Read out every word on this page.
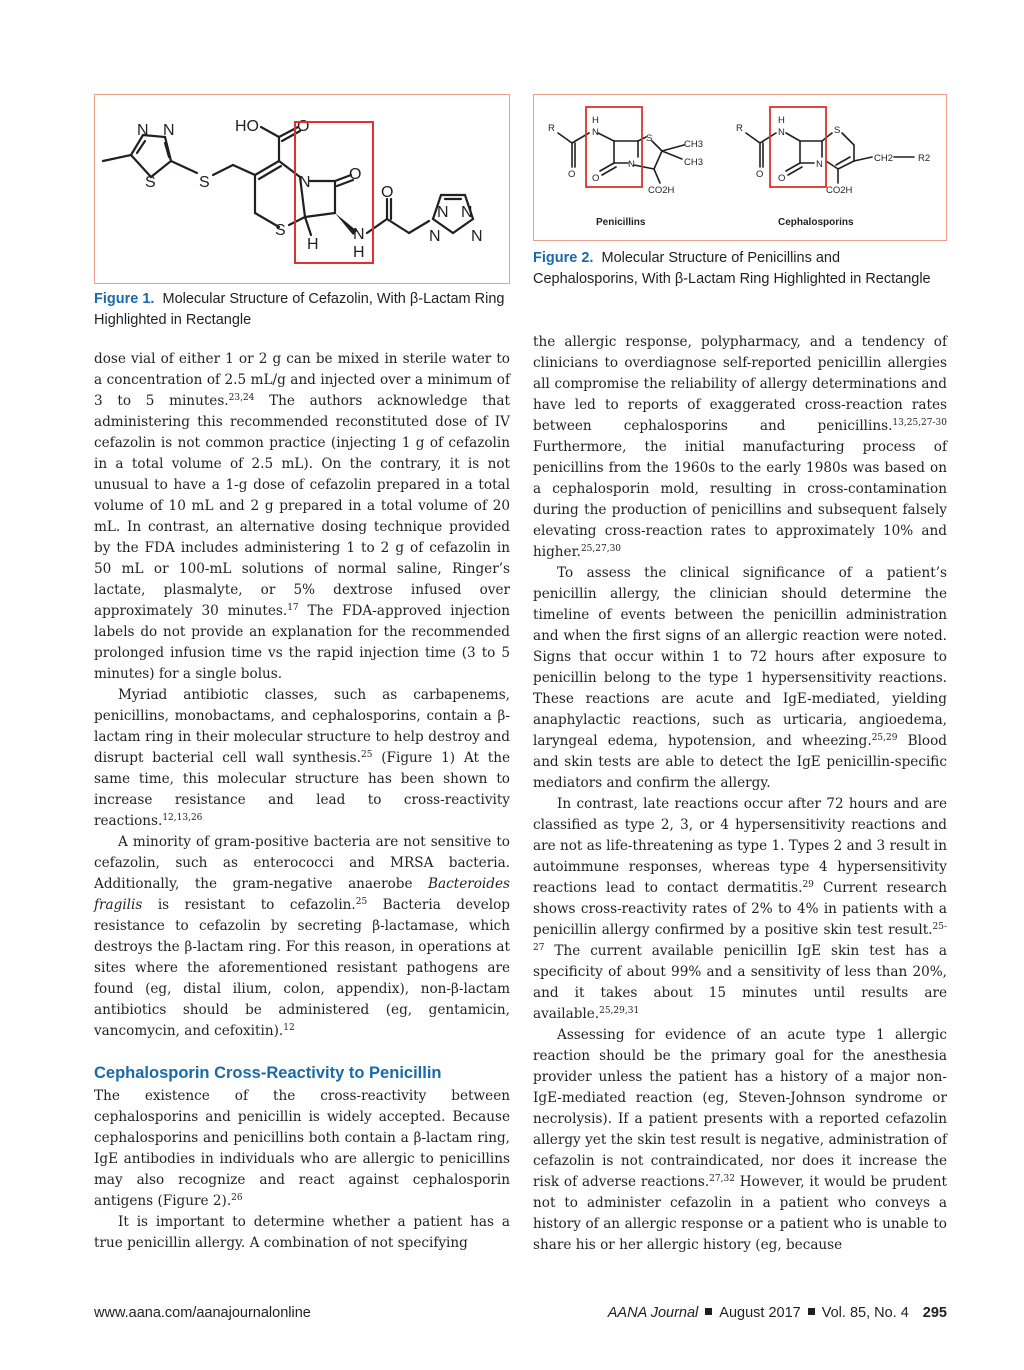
HO O
N N
S	S	N O
S
H
N
H
O
N
N N
N
Figure 1. Molecular Structure of Cefazolin, With β-Lactam Ring Highlighted in Rectangle
R
H
N
O O
N
S
CH3
CH3
CO2H
R
H
N
O O
N
S
CH2	R2
CO2H
Penicillins	Cephalosporins
Figure 2. Molecular Structure of Penicillins and Cephalosporins, With β-Lactam Ring Highlighted in Rectangle

dose vial of either 1 or 2 g can be mixed in sterile water to a concentration of 2.5 mL/g and injected over a minimum of 3 to 5 minutes.$^{23,24}$ The authors acknowledge that administering this recommended reconstituted dose of IV cefazolin is not common practice (injecting 1 g of cefazolin in a total volume of 2.5 mL). On the contrary, it is not unusual to have a 1-g dose of cefazolin prepared in a total volume of 10 mL and 2 g prepared in a total volume of 20 mL. In contrast, an alternative dosing technique provided by the FDA includes administering 1 to 2 g of cefazolin in 50 mL or 100-mL solutions of normal saline, Ringer’s lactate, plasmalyte, or 5% dextrose infused over approximately 30 minutes.$^{17}$ The FDA-approved injection labels do not provide an explanation for the recommended prolonged infusion time vs the rapid injection time (3 to 5 minutes) for a single bolus.

Myriad antibiotic classes, such as carbapenems, penicillins, monobactams, and cephalosporins, contain a β-lactam ring in their molecular structure to help destroy and disrupt bacterial cell wall synthesis.$^{25}$ (Figure 1) At the same time, this molecular structure has been shown to increase resistance and lead to cross-reactivity reactions.$^{12,13,26}$

A minority of gram-positive bacteria are not sensitive to cefazolin, such as enterococci and MRSA bacteria. Additionally, the gram-negative anaerobe Bacteroides fragilis is resistant to cefazolin.$^{25}$ Bacteria develop resistance to cefazolin by secreting β-lactamase, which destroys the β-lactam ring. For this reason, in operations at sites where the aforementioned resistant pathogens are found (eg, distal ilium, colon, appendix), non-β-lactam antibiotics should be administered (eg, gentamicin, vancomycin, and cefoxitin).$^{12}$

Cephalosporin Cross-Reactivity to Penicillin

The existence of the cross-reactivity between cephalosporins and penicillin is widely accepted. Because cephalosporins and penicillins both contain a β-lactam ring, IgE antibodies in individuals who are allergic to penicillins may also recognize and react against cephalosporin antigens (Figure 2).$^{26}$

It is important to determine whether a patient has a true penicillin allergy. A combination of not specifying

the allergic response, polypharmacy, and a tendency of clinicians to overdiagnose self-reported penicillin allergies all compromise the reliability of allergy determinations and have led to reports of exaggerated cross-reaction rates between cephalosporins and penicillins.$^{13,25,27-30}$ Furthermore, the initial manufacturing process of penicillins from the 1960s to the early 1980s was based on a cephalosporin mold, resulting in cross-contamination during the production of penicillins and subsequent falsely elevating cross-reaction rates to approximately 10% and higher.$^{25,27,30}$

To assess the clinical significance of a patient’s penicillin allergy, the clinician should determine the timeline of events between the penicillin administration and when the first signs of an allergic reaction were noted. Signs that occur within 1 to 72 hours after exposure to penicillin belong to the type 1 hypersensitivity reactions. These reactions are acute and IgE-mediated, yielding anaphylactic reactions, such as urticaria, angioedema, laryngeal edema, hypotension, and wheezing.$^{25,29}$ Blood and skin tests are able to detect the IgE penicillin-specific mediators and confirm the allergy.

In contrast, late reactions occur after 72 hours and are classified as type 2, 3, or 4 hypersensitivity reactions and are not as life-threatening as type 1. Types 2 and 3 result in autoimmune responses, whereas type 4 hypersensitivity reactions lead to contact dermatitis.$^{29}$ Current research shows cross-reactivity rates of 2% to 4% in patients with a penicillin allergy confirmed by a positive skin test result.$^{25-27}$ The current available penicillin IgE skin test has a specificity of about 99% and a sensitivity of less than 20%, and it takes about 15 minutes until results are available.$^{25,29,31}$

Assessing for evidence of an acute type 1 allergic reaction should be the primary goal for the anesthesia provider unless the patient has a history of a major non-IgE-mediated reaction (eg, Steven-Johnson syndrome or necrolysis). If a patient presents with a reported cefazolin allergy yet the skin test result is negative, administration of cefazolin is not contraindicated, nor does it increase the risk of adverse reactions.$^{27,32}$ However, it would be prudent not to administer cefazolin in a patient who conveys a history of an allergic response or a patient who is unable to share his or her allergic history (eg, because

www.aana.com/aanajournalonline	AANA Journal August 2017 Vol. 85, No. 4 295
